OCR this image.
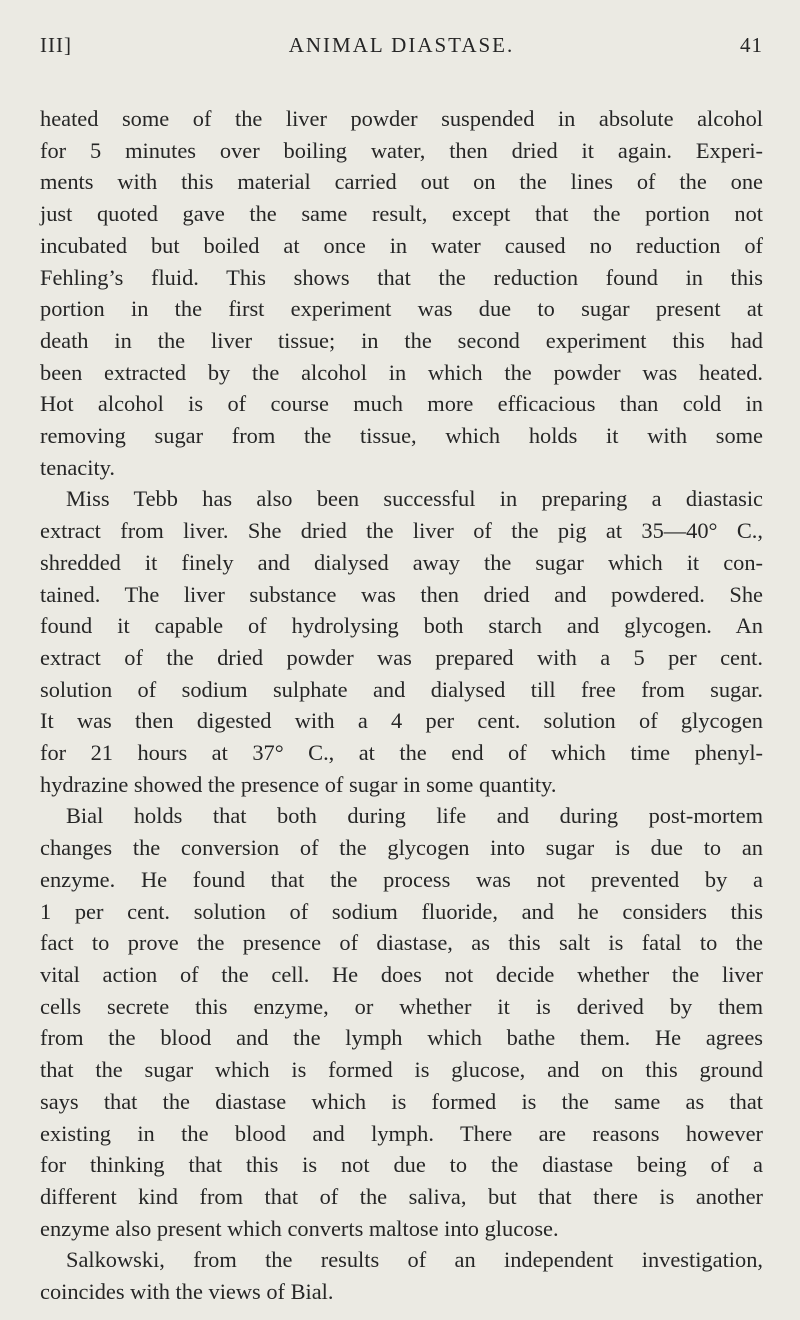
III]	ANIMAL DIASTASE.	41
heated some of the liver powder suspended in absolute alcohol
for 5 minutes over boiling water, then dried it again. Experi-
ments with this material carried out on the lines of the one
just quoted gave the same result, except that the portion not
incubated but boiled at once in water caused no reduction of
Fehling’s fluid. This shows that the reduction found in this
portion in the first experiment was due to sugar present at
death in the liver tissue; in the second experiment this had
been extracted by the alcohol in which the powder was heated.
Hot alcohol is of course much more efficacious than cold in
removing sugar from the tissue, which holds it with some
tenacity.
Miss Tebb has also been successful in preparing a diastasic
extract from liver. She dried the liver of the pig at 35—40° C.,
shredded it finely and dialysed away the sugar which it con-
tained. The liver substance was then dried and powdered. She
found it capable of hydrolysing both starch and glycogen. An
extract of the dried powder was prepared with a 5 per cent.
solution of sodium sulphate and dialysed till free from sugar.
It was then digested with a 4 per cent. solution of glycogen
for 21 hours at 37° C., at the end of which time phenyl-
hydrazine showed the presence of sugar in some quantity.
Bial holds that both during life and during post-mortem
changes the conversion of the glycogen into sugar is due to an
enzyme. He found that the process was not prevented by a
1 per cent. solution of sodium fluoride, and he considers this
fact to prove the presence of diastase, as this salt is fatal to the
vital action of the cell. He does not decide whether the liver
cells secrete this enzyme, or whether it is derived by them
from the blood and the lymph which bathe them. He agrees
that the sugar which is formed is glucose, and on this ground
says that the diastase which is formed is the same as that
existing in the blood and lymph. There are reasons however
for thinking that this is not due to the diastase being of a
different kind from that of the saliva, but that there is another
enzyme also present which converts maltose into glucose.
Salkowski, from the results of an independent investigation,
coincides with the views of Bial.
